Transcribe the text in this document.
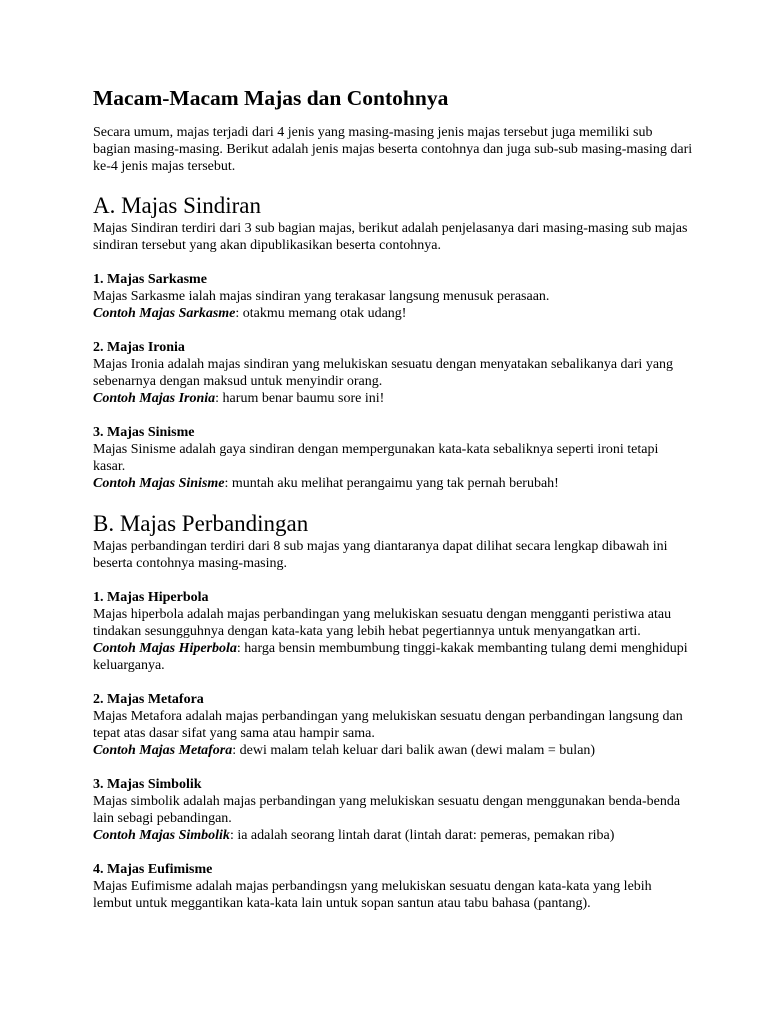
Macam-Macam Majas dan Contohnya

Secara umum, majas terjadi dari 4 jenis yang masing-masing jenis majas tersebut juga memiliki sub bagian masing-masing. Berikut adalah jenis majas beserta contohnya dan juga sub-sub masing-masing dari ke-4 jenis majas tersebut.

A. Majas Sindiran

Majas Sindiran terdiri dari 3 sub bagian majas, berikut adalah penjelasanya dari masing-masing sub majas sindiran tersebut yang akan dipublikasikan beserta contohnya.

1. Majas Sarkasme

Majas Sarkasme ialah majas sindiran yang terakasar langsung menusuk perasaan.

Contoh Majas Sarkasme: otakmu memang otak udang!

2. Majas Ironia

Majas Ironia adalah majas sindiran yang melukiskan sesuatu dengan menyatakan sebalikanya dari yang sebenarnya dengan maksud untuk menyindir orang.

Contoh Majas Ironia: harum benar baumu sore ini!

3. Majas Sinisme

Majas Sinisme adalah gaya sindiran dengan mempergunakan kata-kata sebaliknya seperti ironi tetapi kasar.

Contoh Majas Sinisme: muntah aku melihat perangaimu yang tak pernah berubah!

B. Majas Perbandingan

Majas perbandingan terdiri dari 8 sub majas yang diantaranya dapat dilihat secara lengkap dibawah ini beserta contohnya masing-masing.

1. Majas Hiperbola

Majas hiperbola adalah majas perbandingan yang melukiskan sesuatu dengan mengganti peristiwa atau tindakan sesungguhnya dengan kata-kata yang lebih hebat pegertiannya untuk menyangatkan arti.

Contoh Majas Hiperbola: harga bensin membumbung tinggi-kakak membanting tulang demi menghidupi keluarganya.

2. Majas Metafora

Majas Metafora adalah majas perbandingan yang melukiskan sesuatu dengan perbandingan langsung dan tepat atas dasar sifat yang sama atau hampir sama.

Contoh Majas Metafora: dewi malam telah keluar dari balik awan (dewi malam = bulan)

3. Majas Simbolik

Majas simbolik adalah majas perbandingan yang melukiskan sesuatu dengan menggunakan benda-benda lain sebagi pebandingan.

Contoh Majas Simbolik: ia adalah seorang lintah darat (lintah darat: pemeras, pemakan riba)

4. Majas Eufimisme

Majas Eufimisme adalah majas perbandingsn yang melukiskan sesuatu dengan kata-kata yang lebih lembut untuk meggantikan kata-kata lain untuk sopan santun atau tabu bahasa (pantang).
